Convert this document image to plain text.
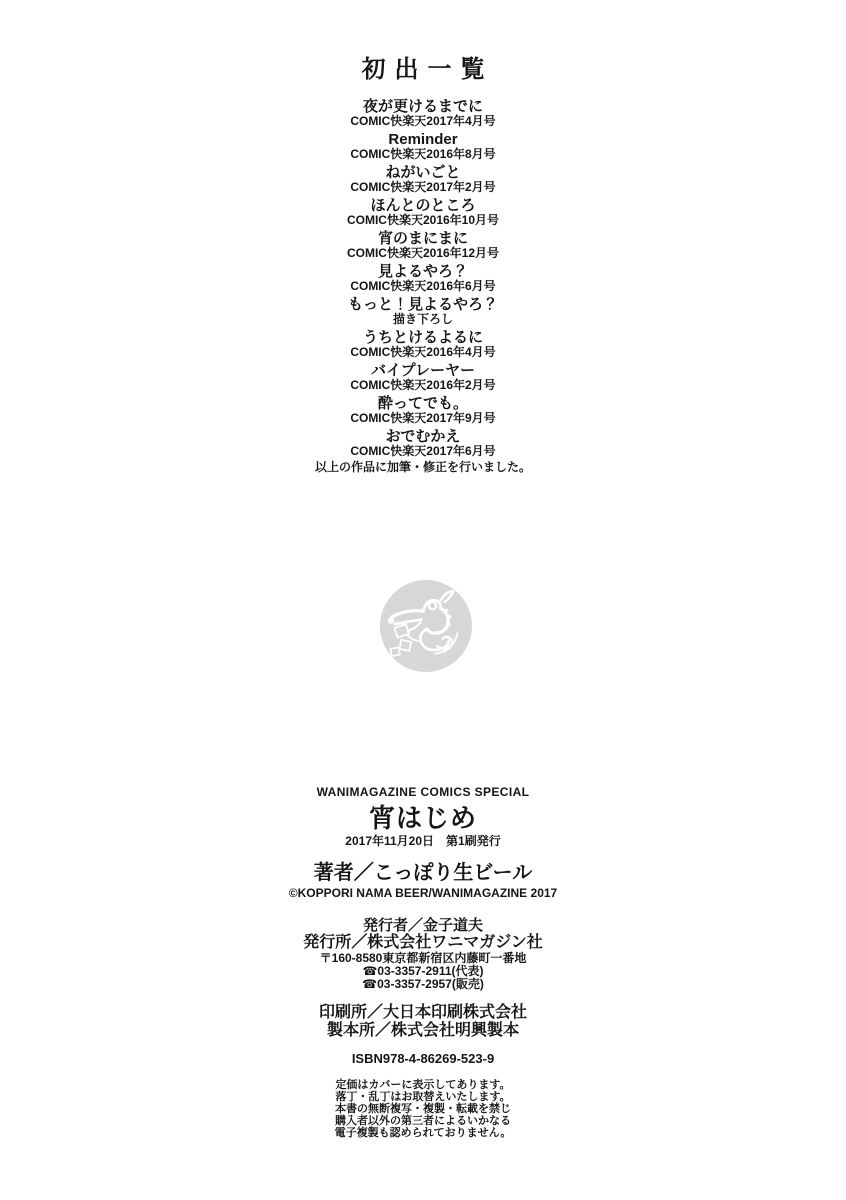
初出一覧
夜が更けるまでに
COMIC快楽天2017年4月号
Reminder
COMIC快楽天2016年8月号
ねがいごと
COMIC快楽天2017年2月号
ほんとのところ
COMIC快楽天2016年10月号
宵のまにまに
COMIC快楽天2016年12月号
見よるやろ？
COMIC快楽天2016年6月号
もっと！見よるやろ？
描き下ろし
うちとけるよるに
COMIC快楽天2016年4月号
バイプレーヤー
COMIC快楽天2016年2月号
酔ってでも。
COMIC快楽天2017年9月号
おでむかえ
COMIC快楽天2017年6月号
以上の作品に加筆・修正を行いました。
WANIMAGAZINE COMICS SPECIAL
宵はじめ
2017年11月20日　第1刷発行
著者／こっぽり生ビール
©KOPPORI NAMA BEER/WANIMAGAZINE 2017
発行者／金子道夫
発行所／株式会社ワニマガジン社
〒160-8580東京都新宿区内藤町一番地
☎03-3357-2911(代表)
☎03-3357-2957(販売)
印刷所／大日本印刷株式会社
製本所／株式会社明興製本
ISBN978-4-86269-523-9
定価はカバーに表示してあります。
落丁・乱丁はお取替えいたします。
本書の無断複写・複製・転載を禁じ
購入者以外の第三者によるいかなる
電子複製も認められておりません。
